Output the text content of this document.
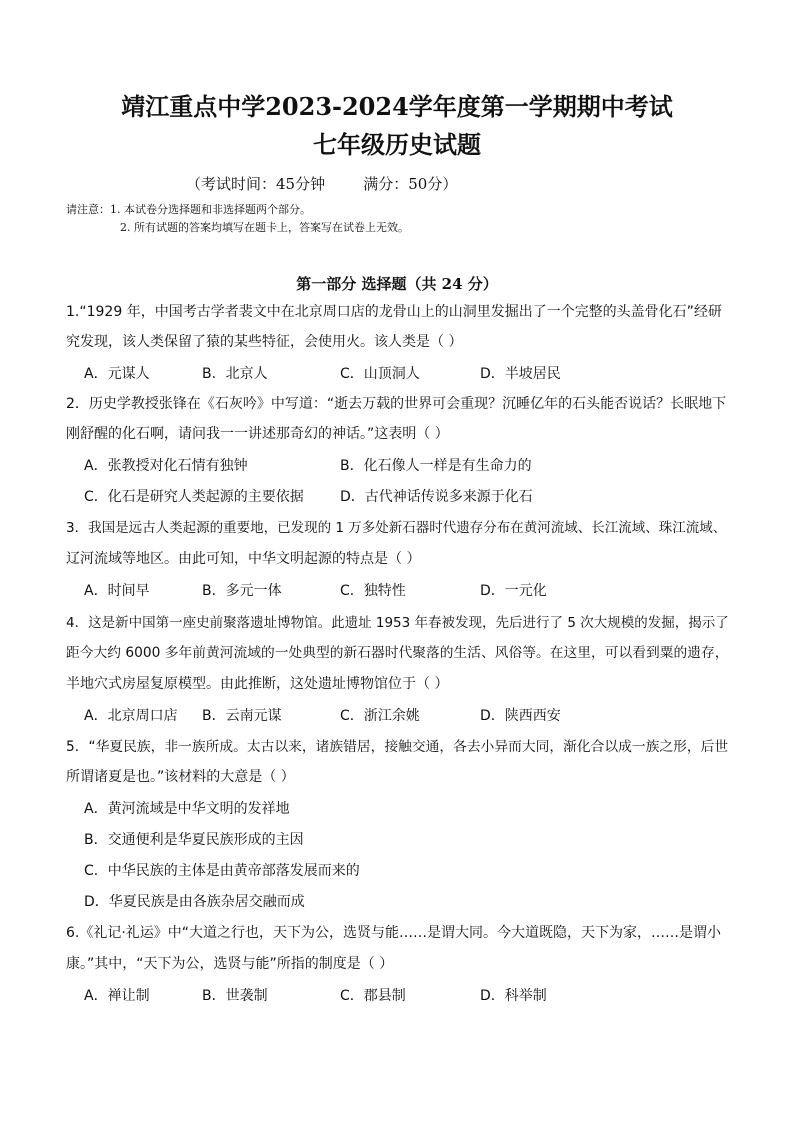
靖江重点中学2023-2024学年度第一学期期中考试
七年级历史试题
（考试时间：45分钟        满分：50分）
请注意：1. 本试卷分选择题和非选择题两个部分。
2. 所有试题的答案均填写在题卡上，答案写在试卷上无效。
第一部分 选择题（共 24 分）
1.“1929 年，中国考古学者裴文中在北京周口店的龙骨山上的山洞里发掘出了一个完整的头盖骨化石”经研
究发现，该人类保留了猿的某些特征，会使用火。该人类是（ ）
A．元谋人	B．北京人	C．山顶洞人	D．半坡居民
2．历史学教授张锋在《石灰吟》中写道：“逝去万载的世界可会重现？沉睡亿年的石头能否说话？长眠地下
刚舒醒的化石啊，请问我一一讲述那奇幻的神话。”这表明（ ）
A．张教授对化石情有独钟	B．化石像人一样是有生命力的
C．化石是研究人类起源的主要依据	D．古代神话传说多来源于化石
3．我国是远古人类起源的重要地，已发现的 1 万多处新石器时代遗存分布在黄河流域、长江流域、珠江流域、
辽河流域等地区。由此可知，中华文明起源的特点是（ ）
A．时间早	B．多元一体	C．独特性	D．一元化
4．这是新中国第一座史前聚落遗址博物馆。此遗址 1953 年春被发现，先后进行了 5 次大规模的发掘，揭示了
距今大约 6000 多年前黄河流域的一处典型的新石器时代聚落的生活、风俗等。在这里，可以看到粟的遗存，
半地穴式房屋复原模型。由此推断，这处遗址博物馆位于（ ）
A．北京周口店 B．云南元谋	C．浙江余姚	D．陕西西安
5．“华夏民族，非一族所成。太古以来，诸族错居，接触交通，各去小异而大同，渐化合以成一族之形，后世
所谓诸夏是也。”该材料的大意是（ ）
A．黄河流域是中华文明的发祥地
B．交通便利是华夏民族形成的主因
C．中华民族的主体是由黄帝部落发展而来的
D．华夏民族是由各族杂居交融而成
6.《礼记·礼运》中“大道之行也，天下为公，选贤与能……是谓大同。今大道既隐，天下为家，……是谓小
康。”其中，“天下为公，选贤与能”所指的制度是（ ）
A．禅让制	B．世袭制	C．郡县制	D．科举制
